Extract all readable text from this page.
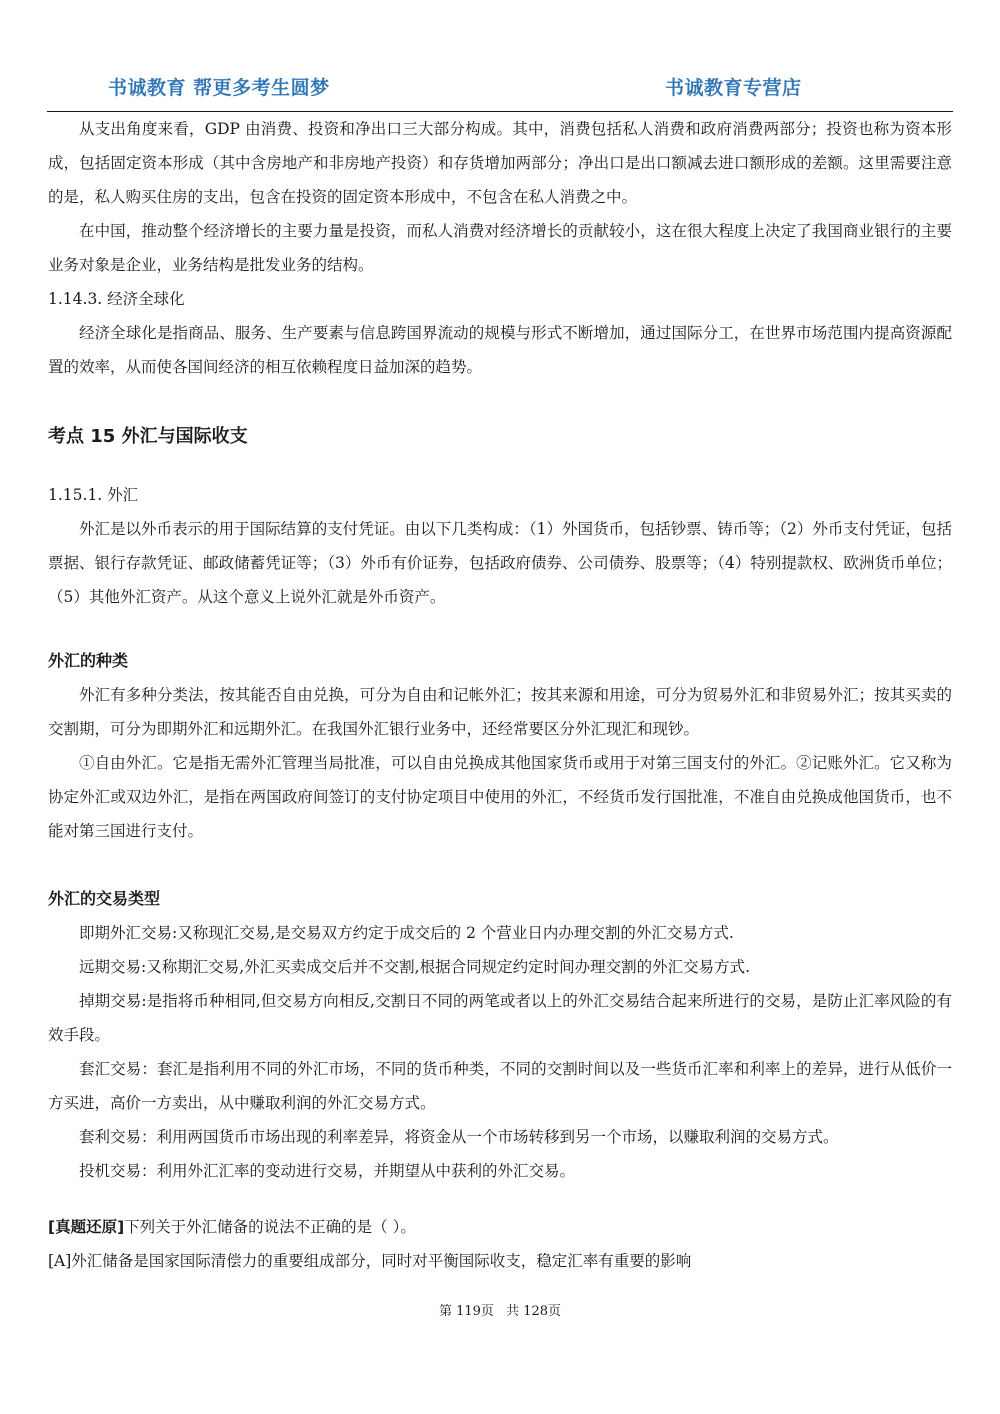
书诚教育 帮更多考生圆梦	书诚教育专营店

从支出角度来看，GDP 由消费、投资和净出口三大部分构成。其中，消费包括私人消费和政府消费两部分；投资也称为资本形成，包括固定资本形成（其中含房地产和非房地产投资）和存货增加两部分；净出口是出口额减去进口额形成的差额。这里需要注意的是，私人购买住房的支出，包含在投资的固定资本形成中，不包含在私人消费之中。

在中国，推动整个经济增长的主要力量是投资，而私人消费对经济增长的贡献较小，这在很大程度上决定了我国商业银行的主要业务对象是企业，业务结构是批发业务的结构。

1.14.3. 经济全球化

经济全球化是指商品、服务、生产要素与信息跨国界流动的规模与形式不断增加，通过国际分工，在世界市场范围内提高资源配置的效率，从而使各国间经济的相互依赖程度日益加深的趋势。

考点 15 外汇与国际收支

1.15.1. 外汇

外汇是以外币表示的用于国际结算的支付凭证。由以下几类构成：（1）外国货币，包括钞票、铸币等；（2）外币支付凭证，包括票据、银行存款凭证、邮政储蓄凭证等；（3）外币有价证券，包括政府债券、公司债券、股票等；（4）特别提款权、欧洲货币单位；（5）其他外汇资产。从这个意义上说外汇就是外币资产。

外汇的种类

外汇有多种分类法，按其能否自由兑换，可分为自由和记帐外汇；按其来源和用途，可分为贸易外汇和非贸易外汇；按其买卖的交割期，可分为即期外汇和远期外汇。在我国外汇银行业务中，还经常要区分外汇现汇和现钞。

①自由外汇。它是指无需外汇管理当局批准，可以自由兑换成其他国家货币或用于对第三国支付的外汇。②记账外汇。它又称为协定外汇或双边外汇，是指在两国政府间签订的支付协定项目中使用的外汇，不经货币发行国批准，不准自由兑换成他国货币，也不能对第三国进行支付。

外汇的交易类型

即期外汇交易:又称现汇交易,是交易双方约定于成交后的 2 个营业日内办理交割的外汇交易方式.

远期交易:又称期汇交易,外汇买卖成交后并不交割,根据合同规定约定时间办理交割的外汇交易方式.

掉期交易:是指将币种相同,但交易方向相反,交割日不同的两笔或者以上的外汇交易结合起来所进行的交易，是防止汇率风险的有效手段。

套汇交易：套汇是指利用不同的外汇市场，不同的货币种类，不同的交割时间以及一些货币汇率和利率上的差异，进行从低价一方买进，高价一方卖出，从中赚取利润的外汇交易方式。

套利交易：利用两国货币市场出现的利率差异，将资金从一个市场转移到另一个市场，以赚取利润的交易方式。

投机交易：利用外汇汇率的变动进行交易，并期望从中获利的外汇交易。

[真题还原]下列关于外汇储备的说法不正确的是（ ）。

[A]外汇储备是国家国际清偿力的重要组成部分，同时对平衡国际收支，稳定汇率有重要的影响

第 119页 共 128页
